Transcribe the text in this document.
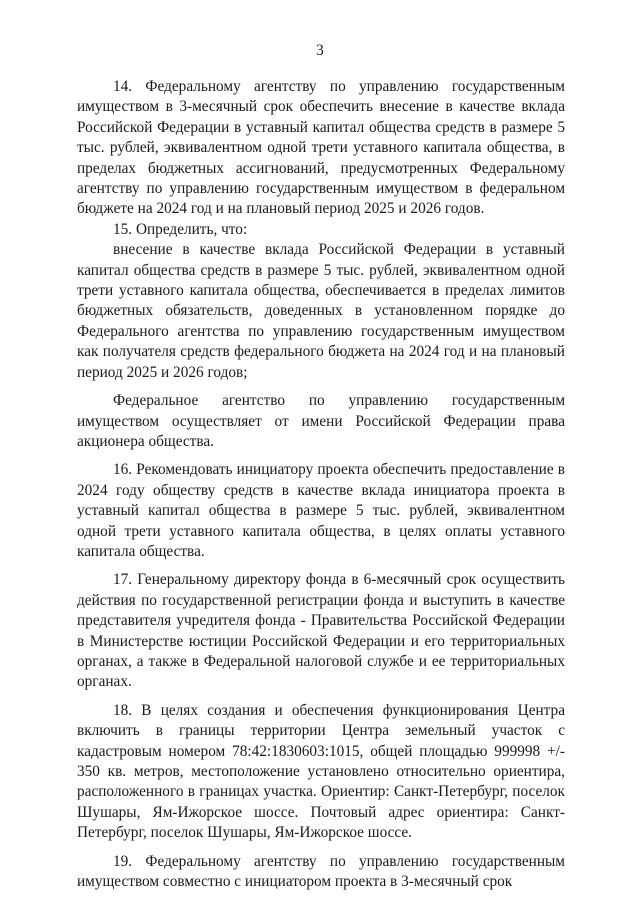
3

14. Федеральному агентству по управлению государственным имуществом в 3-месячный срок обеспечить внесение в качестве вклада Российской Федерации в уставный капитал общества средств в размере 5 тыс. рублей, эквивалентном одной трети уставного капитала общества, в пределах бюджетных ассигнований, предусмотренных Федеральному агентству по управлению государственным имуществом в федеральном бюджете на 2024 год и на плановый период 2025 и 2026 годов.

15. Определить, что:

внесение в качестве вклада Российской Федерации в уставный капитал общества средств в размере 5 тыс. рублей, эквивалентном одной трети уставного капитала общества, обеспечивается в пределах лимитов бюджетных обязательств, доведенных в установленном порядке до Федерального агентства по управлению государственным имуществом как получателя средств федерального бюджета на 2024 год и на плановый период 2025 и 2026 годов;

Федеральное агентство по управлению государственным имуществом осуществляет от имени Российской Федерации права акционера общества.

16. Рекомендовать инициатору проекта обеспечить предоставление в 2024 году обществу средств в качестве вклада инициатора проекта в уставный капитал общества в размере 5 тыс. рублей, эквивалентном одной трети уставного капитала общества, в целях оплаты уставного капитала общества.

17. Генеральному директору фонда в 6-месячный срок осуществить действия по государственной регистрации фонда и выступить в качестве представителя учредителя фонда - Правительства Российской Федерации в Министерстве юстиции Российской Федерации и его территориальных органах, а также в Федеральной налоговой службе и ее территориальных органах.

18. В целях создания и обеспечения функционирования Центра включить в границы территории Центра земельный участок с кадастровым номером 78:42:1830603:1015, общей площадью 999998 +/- 350 кв. метров, местоположение установлено относительно ориентира, расположенного в границах участка. Ориентир: Санкт-Петербург, поселок Шушары, Ям-Ижорское шоссе. Почтовый адрес ориентира: Санкт-Петербург, поселок Шушары, Ям-Ижорское шоссе.

19. Федеральному агентству по управлению государственным имуществом совместно с инициатором проекта в 3-месячный срок
